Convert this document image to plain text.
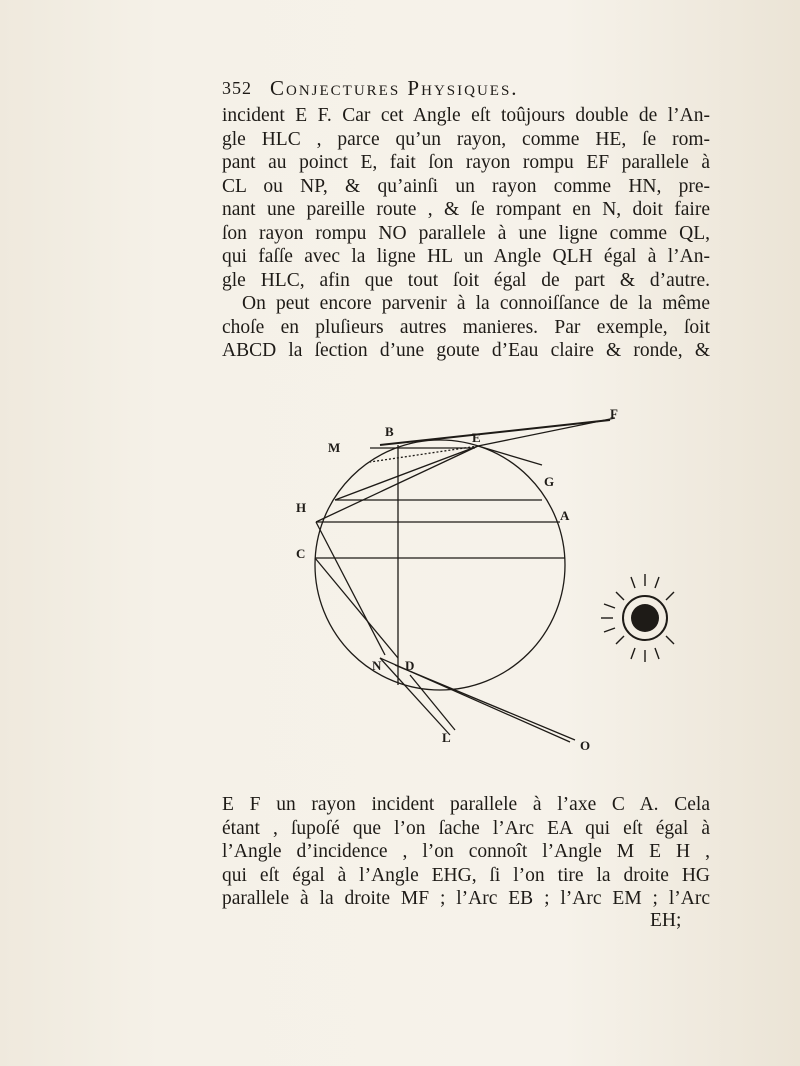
352 Conjectures Physiques.
incident E F. Car cet Angle eſt toûjours double de l’An-
gle HLC , parce qu’un rayon, comme HE, ſe rom-
pant au poinct E, fait ſon rayon rompu EF parallele à
CL ou NP, & qu’ainſi un rayon comme HN, pre-
nant une pareille route , & ſe rompant en N, doit faire
ſon rayon rompu NO parallele à une ligne comme QL,
qui faſſe avec la ligne HL un Angle QLH égal à l’An-
gle HLC, afin que tout ſoit égal de part & d’autre.
On peut encore parvenir à la connoiſſance de la même
choſe en pluſieurs autres manieres. Par exemple, ſoit
ABCD la ſection d’une goute d’Eau claire & ronde, &
B	E
F
M
G
H
A
C
N D
L
O
E F un rayon incident parallele à l’axe C A. Cela
étant , ſupoſé que l’on ſache l’Arc EA qui eſt égal à
l’Angle d’incidence , l’on connoît l’Angle M E H ,
qui eſt égal à l’Angle EHG, ſi l’on tire la droite HG
parallele à la droite MF ; l’Arc EB ; l’Arc EM ; l’Arc
EH;
